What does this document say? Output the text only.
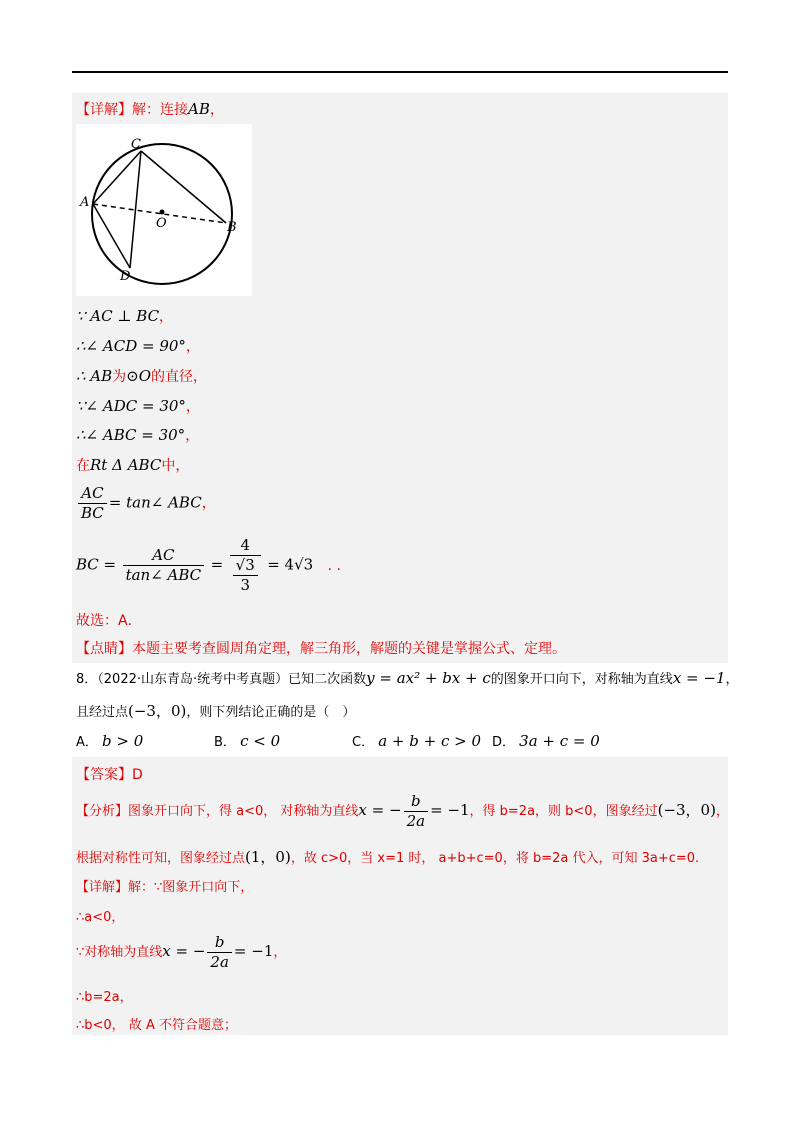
【详解】解：连接AB，
C
A
O	B
D
∵ AC ⊥ BC，
∴∠ ACD = 90°，
∴ AB为⊙O的直径，
∵∠ ADC = 30°，
∴∠ ABC = 30°，
在Rt Δ ABC中，
$\frac{AC}{BC}$ = tan∠ ABC，
BC = $\frac{AC}{\text{tan∠ ABC}} = \frac{4}{\frac{√3}{3}} = 4√3$ . .
故选：A．
【点睛】本题主要考查圆周角定理，解三角形，解题的关键是掌握公式、定理。
8．（2022·山东青岛·统考中考真题）已知二次函数y = ax² + bx + c的图象开口向下，对称轴为直线x = −1，
且经过点(−3，0)，则下列结论正确的是（　）
A． b > 0	B． c < 0	C． a + b + c > 0 D． 3a + c = 0
【答案】D
【分析】图象开口向下，得 a<0， 对称轴为直线x = − $\frac{b}{2a} = -1$，得 b=2a，则 b<0，图象经过(−3，0)，
根据对称性可知，图象经过点(1，0)，故 c>0，当 x=1 时， a+b+c=0，将 b=2a 代入，可知 3a+c=0.
【详解】解：∵图象开口向下，
∴a<0，
∵对称轴为直线x = − $\frac{b}{2a} = -1$，
∴b=2a，
∴b<0， 故 A 不符合题意；
